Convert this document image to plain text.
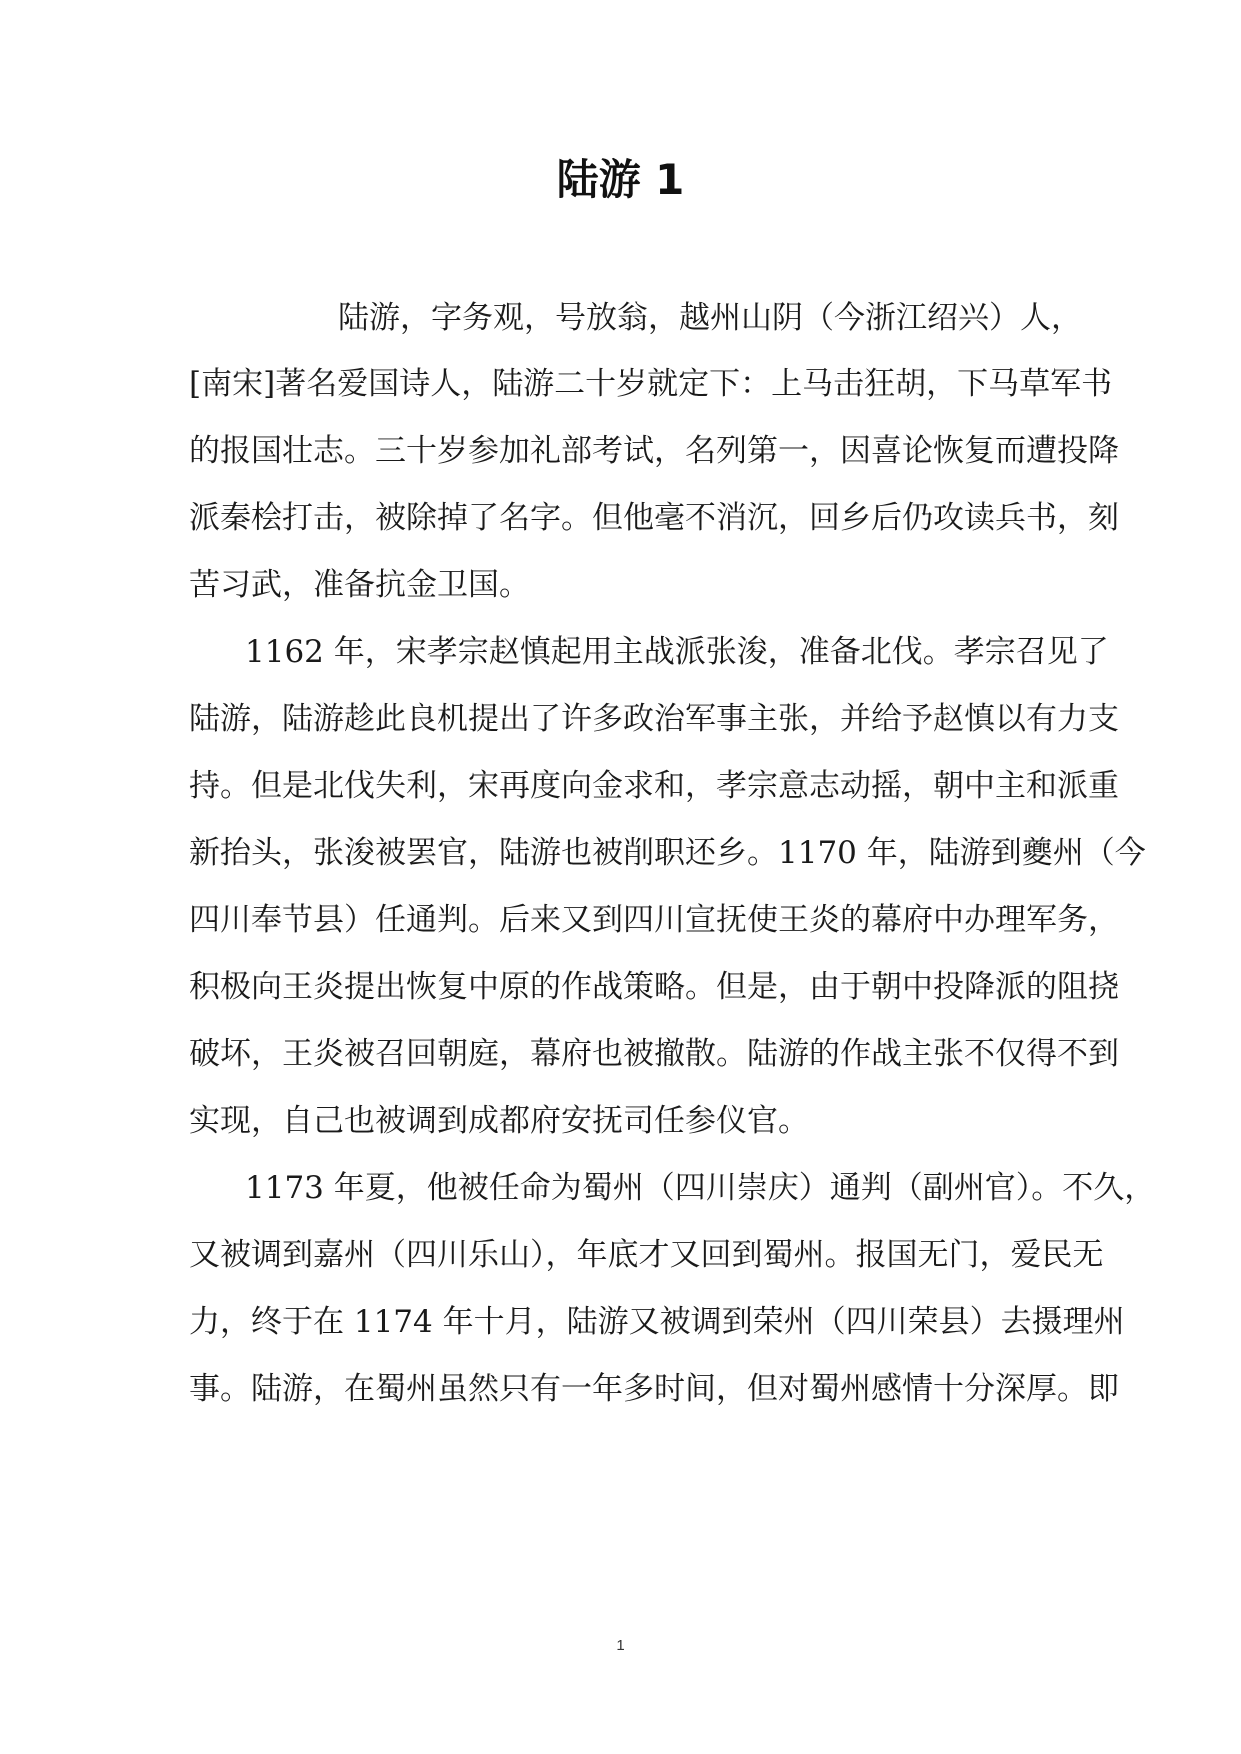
陆游 1
陆游，字务观，号放翁，越州山阴（今浙江绍兴）人，
[南宋]著名爱国诗人，陆游二十岁就定下：上马击狂胡，下马草军书
的报国壮志。三十岁参加礼部考试，名列第一，因喜论恢复而遭投降
派秦桧打击，被除掉了名字。但他毫不消沉，回乡后仍攻读兵书，刻
苦习武，准备抗金卫国。
1162 年，宋孝宗赵慎起用主战派张浚，准备北伐。孝宗召见了
陆游，陆游趁此良机提出了许多政治军事主张，并给予赵慎以有力支
持。但是北伐失利，宋再度向金求和，孝宗意志动摇，朝中主和派重
新抬头，张浚被罢官，陆游也被削职还乡。1170 年，陆游到夔州（今
四川奉节县）任通判。后来又到四川宣抚使王炎的幕府中办理军务，
积极向王炎提出恢复中原的作战策略。但是，由于朝中投降派的阻挠
破坏，王炎被召回朝庭，幕府也被撤散。陆游的作战主张不仅得不到
实现，自己也被调到成都府安抚司任参仪官。
1173 年夏，他被任命为蜀州（四川崇庆）通判（副州官）。不久，
又被调到嘉州（四川乐山），年底才又回到蜀州。报国无门，爱民无
力，终于在 1174 年十月，陆游又被调到荣州（四川荣县）去摄理州
事。陆游，在蜀州虽然只有一年多时间，但对蜀州感情十分深厚。即
1
